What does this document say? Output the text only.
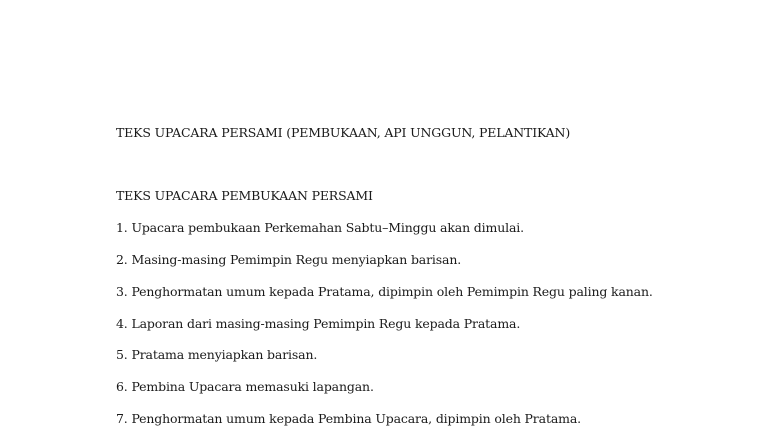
TEKS UPACARA PERSAMI (PEMBUKAAN, API UNGGUN, PELANTIKAN)
TEKS UPACARA PEMBUKAAN PERSAMI
1. Upacara pembukaan Perkemahan Sabtu–Minggu akan dimulai.
2. Masing-masing Pemimpin Regu menyiapkan barisan.
3. Penghormatan umum kepada Pratama, dipimpin oleh Pemimpin Regu paling kanan.
4. Laporan dari masing-masing Pemimpin Regu kepada Pratama.
5. Pratama menyiapkan barisan.
6. Pembina Upacara memasuki lapangan.
7. Penghormatan umum kepada Pembina Upacara, dipimpin oleh Pratama.
